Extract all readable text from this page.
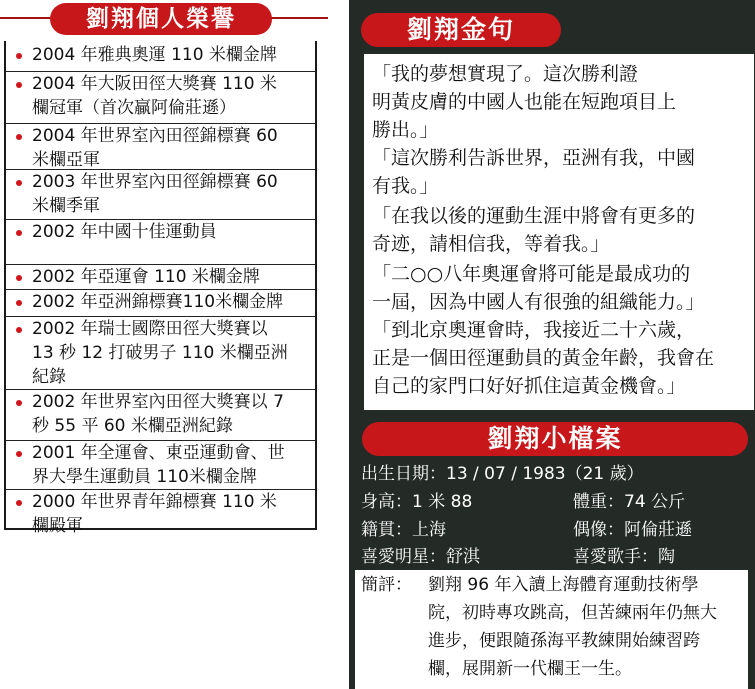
劉翔個人榮譽
2004 年雅典奧運 110 米欄金牌
2004 年大阪田徑大獎賽 110 米
欄冠軍（首次贏阿倫莊遜）
2004 年世界室內田徑錦標賽 60
米欄亞軍
2003 年世界室內田徑錦標賽 60
米欄季軍
2002 年中國十佳運動員
2002 年亞運會 110 米欄金牌
2002 年亞洲錦標賽110米欄金牌
2002 年瑞士國際田徑大獎賽以
13 秒 12 打破男子 110 米欄亞洲
紀錄
2002 年世界室內田徑大獎賽以 7
秒 55 平 60 米欄亞洲紀錄
2001 年全運會、東亞運動會、世
界大學生運動員 110米欄金牌
2000 年世界青年錦標賽 110 米
欄殿軍
劉翔金句
「我的夢想實現了。這次勝利證
明黃皮膚的中國人也能在短跑項目上
勝出。」
「這次勝利告訴世界，亞洲有我，中國
有我。」
「在我以後的運動生涯中將會有更多的
奇迹，請相信我，等着我。」
「二○○八年奧運會將可能是最成功的
一屆，因為中國人有很強的組織能力。」
「到北京奧運會時，我接近二十六歲，
正是一個田徑運動員的黃金年齡，我會在
自己的家門口好好抓住這黃金機會。」
劉翔小檔案
出生日期：13 / 07 / 1983（21 歲）
身高：1 米 88	體重：74 公斤
籍貫：上海	偶像：阿倫莊遜
喜愛明星：舒淇	喜愛歌手：陶
簡評： 劉翔 96 年入讀上海體育運動技術學
院，初時專攻跳高，但苦練兩年仍無大
進步，便跟隨孫海平教練開始練習跨
欄，展開新一代欄王一生。
